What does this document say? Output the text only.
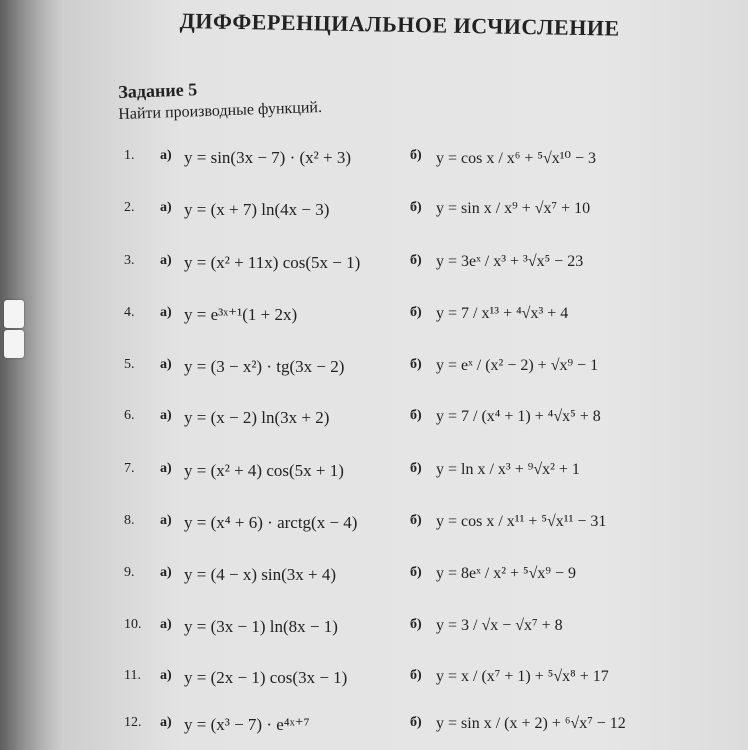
ДИФФЕРЕНЦИАЛЬНОЕ ИСЧИСЛЕНИЕ
Задание 5
Найти производные функций.
1. а) y = sin(3x − 7) · (x² + 3)	б) y = cos x / x⁶ + ⁵√x¹⁰ − 3
2. а) y = (x + 7) ln(4x − 3)	б) y = sin x / x⁹ + √x⁷ + 10
3. а) y = (x² + 11x) cos(5x − 1)	б) y = 3eˣ / x³ + ³√x⁵ − 23
4. а) y = e³ˣ⁺¹(1 + 2x)	б) y = 7 / x¹³ + ⁴√x³ + 4
5. а) y = (3 − x²) · tg(3x − 2)	б) y = eˣ / (x² − 2) + √x⁹ − 1
6. а) y = (x − 2) ln(3x + 2)	б) y = 7 / (x⁴ + 1) + ⁴√x⁵ + 8
7. а) y = (x² + 4) cos(5x + 1)	б) y = ln x / x³ + ⁹√x² + 1
8. а) y = (x⁴ + 6) · arctg(x − 4)	б) y = cos x / x¹¹ + ⁵√x¹¹ − 31
9. а) y = (4 − x) sin(3x + 4)	б) y = 8eˣ / x² + ⁵√x⁹ − 9
10. а) y = (3x − 1) ln(8x − 1)	б) y = 3 / √x − √x⁷ + 8
11. а) y = (2x − 1) cos(3x − 1)	б) y = x / (x⁷ + 1) + ⁵√x⁸ + 17
12. а) y = (x³ − 7) · e⁴ˣ⁺⁷	б) y = sin x / (x + 2) + ⁶√x⁷ − 12
